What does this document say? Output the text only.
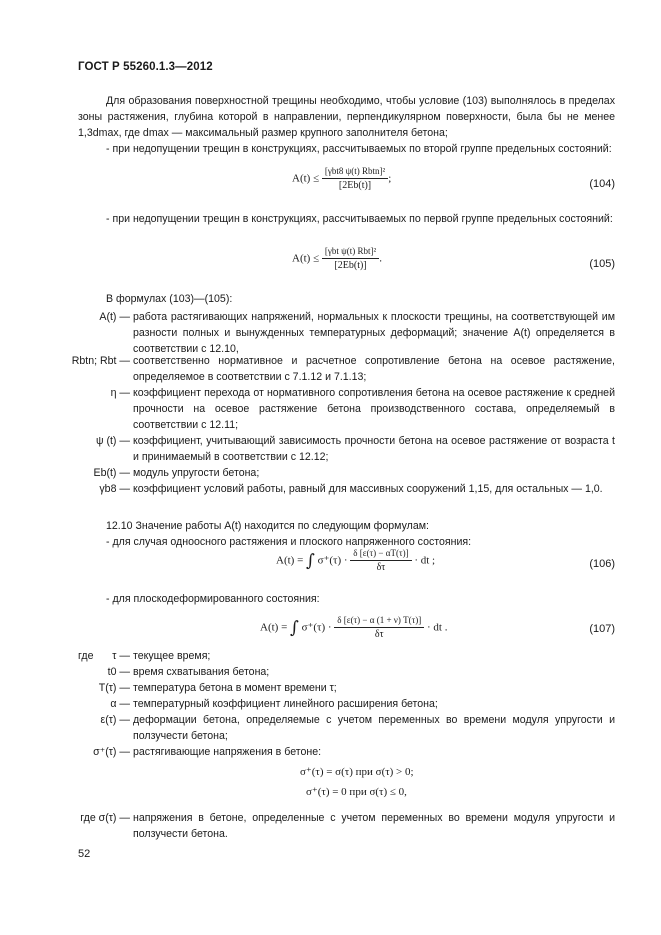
ГОСТ Р 55260.1.3—2012
Для образования поверхностной трещины необходимо, чтобы условие (103) выполнялось в пределах зоны растяжения, глубина которой в направлении, перпендикулярном поверхности, была бы не менее 1,3dmax, где dmax — максимальный размер крупного заполнителя бетона;
- при недопущении трещин в конструкциях, рассчитываемых по второй группе предельных состояний:
$A(t) \le \frac{\text{[γbt8 ψ(t) Rbtn]²}}{[2Eb(t)]}$ ;	(104)
- при недопущении трещин в конструкциях, рассчитываемых по первой группе предельных состояний:
$A(t) \le \frac{\text{[γbt ψ(t) Rbt]²}}{[2Eb(t)]}$ .	(105)
В формулах (103)—(105):
A(t) — работа растягивающих напряжений, нормальных к плоскости трещины, на соответствующей им разности полных и вынужденных температурных деформаций; значение A(t) определяется в соответствии с 12.10,
Rbtn; Rbt — соответственно нормативное и расчетное сопротивление бетона на осевое растяжение, определяемое в соответствии с 7.1.12 и 7.1.13;
η — коэффициент перехода от нормативного сопротивления бетона на осевое растяжение к средней прочности на осевое растяжение бетона производственного состава, определяемый в соответствии с 12.11;
ψ (t) — коэффициент, учитывающий зависимость прочности бетона на осевое растяжение от возраста t и принимаемый в соответствии с 12.12;
Eb(t) — модуль упругости бетона;
γb8 — коэффициент условий работы, равный для массивных сооружений 1,15, для остальных — 1,0.
12.10 Значение работы A(t) находится по следующим формулам:
- для случая одноосного растяжения и плоского напряженного состояния:
A(t) = ∫ $\sigma^+(\tau) \cdot \frac{\delta [\varepsilon(\tau) - \alpha T(\tau)]}{\delta\tau}$ · dt ;	(106)
- для плоскодеформированного состояния:
A(t) = ∫ $\sigma^+(\tau) \cdot \frac{\delta [\varepsilon(\tau) - \alpha (1 + \nu) T(\tau)]}{\delta\tau}$ · dt .	(107)
где	τ — текущее время;
t0 — время схватывания бетона;
T(τ) — температура бетона в момент времени τ;
α — температурный коэффициент линейного расширения бетона;
ε(τ) — деформации бетона, определяемые с учетом переменных во времени модуля упругости и ползучести бетона;
σ⁺(τ) — растягивающие напряжения в бетоне:
σ⁺(τ) = σ(τ) при σ(τ) > 0;
σ⁺(τ) = 0 при σ(τ) ≤ 0,
где σ(τ) — напряжения в бетоне, определенные с учетом переменных во времени модуля упругости и ползучести бетона.
52
